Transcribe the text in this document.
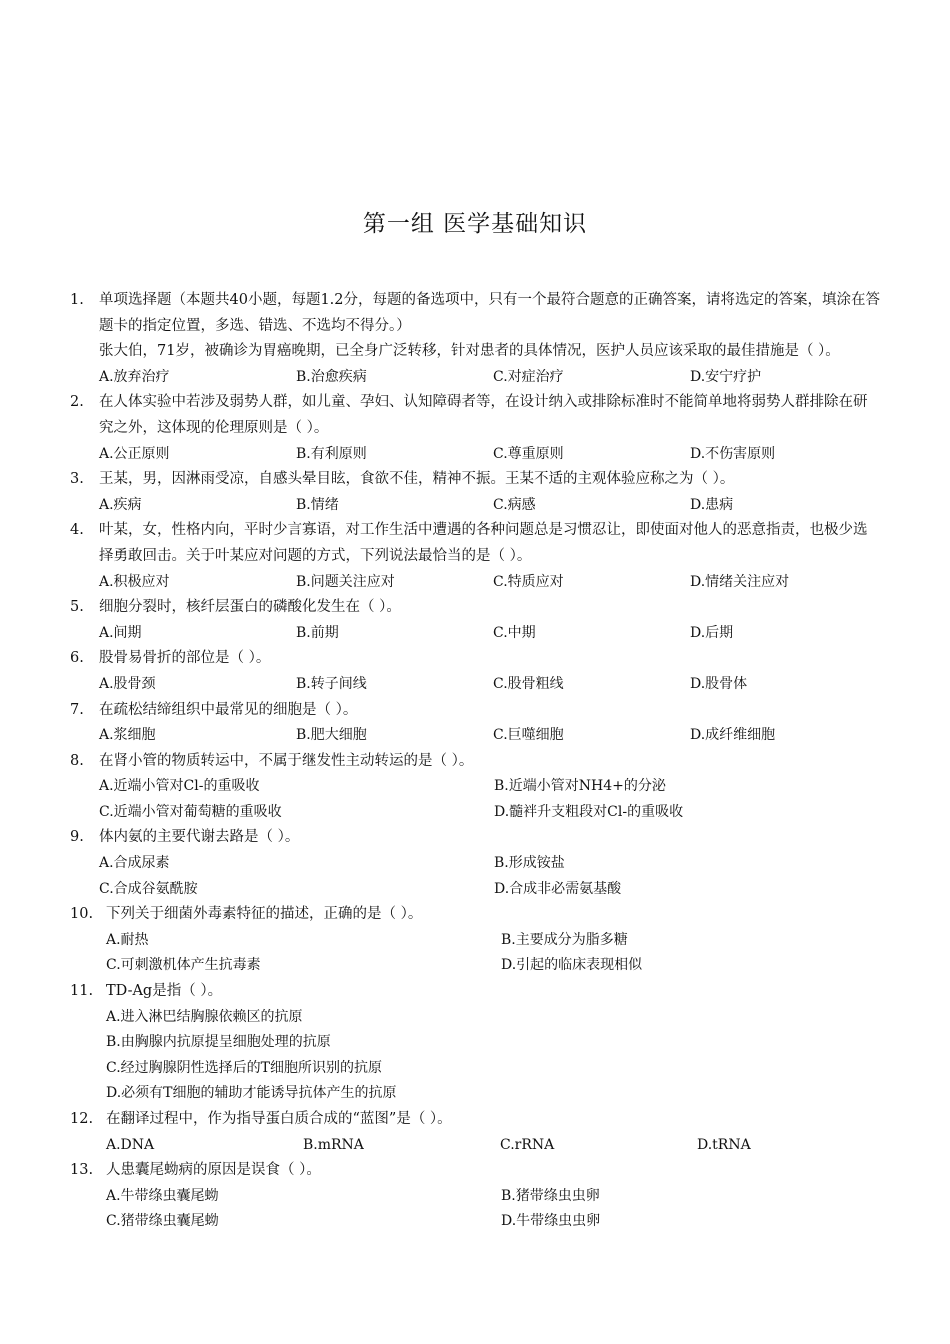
第一组 医学基础知识
1. 单项选择题（本题共40小题，每题1.2分，每题的备选项中，只有一个最符合题意的正确答案，请将选定的答案，填涂在答题卡的指定位置，多选、错选、不选均不得分。）
张大伯，71岁，被确诊为胃癌晚期，已全身广泛转移，针对患者的具体情况，医护人员应该采取的最佳措施是（ ）。
A.放弃治疗	B.治愈疾病	C.对症治疗	D.安宁疗护
2. 在人体实验中若涉及弱势人群，如儿童、孕妇、认知障碍者等，在设计纳入或排除标准时不能简单地将弱势人群排除在研究之外，这体现的伦理原则是（ ）。
A.公正原则	B.有利原则	C.尊重原则	D.不伤害原则
3. 王某，男，因淋雨受凉，自感头晕目眩，食欲不佳，精神不振。王某不适的主观体验应称之为（ ）。
A.疾病	B.情绪	C.病感	D.患病
4. 叶某，女，性格内向，平时少言寡语，对工作生活中遭遇的各种问题总是习惯忍让，即使面对他人的恶意指责，也极少选择勇敢回击。关于叶某应对问题的方式，下列说法最恰当的是（ ）。
A.积极应对	B.问题关注应对	C.特质应对	D.情绪关注应对
5. 细胞分裂时，核纤层蛋白的磷酸化发生在（ ）。
A.间期	B.前期	C.中期	D.后期
6. 股骨易骨折的部位是（ ）。
A.股骨颈	B.转子间线	C.股骨粗线	D.股骨体
7. 在疏松结缔组织中最常见的细胞是（ ）。
A.浆细胞	B.肥大细胞	C.巨噬细胞	D.成纤维细胞
8. 在肾小管的物质转运中，不属于继发性主动转运的是（ ）。
A.近端小管对Cl-的重吸收	B.近端小管对NH4+的分泌
C.近端小管对葡萄糖的重吸收	D.髓袢升支粗段对Cl-的重吸收
9. 体内氨的主要代谢去路是（ ）。
A.合成尿素	B.形成铵盐
C.合成谷氨酰胺	D.合成非必需氨基酸
10. 下列关于细菌外毒素特征的描述，正确的是（ ）。
A.耐热	B.主要成分为脂多糖
C.可刺激机体产生抗毒素	D.引起的临床表现相似
11. TD-Ag是指（ ）。
A.进入淋巴结胸腺依赖区的抗原
B.由胸腺内抗原提呈细胞处理的抗原
C.经过胸腺阴性选择后的T细胞所识别的抗原
D.必须有T细胞的辅助才能诱导抗体产生的抗原
12. 在翻译过程中，作为指导蛋白质合成的“蓝图”是（ ）。
A.DNA	B.mRNA	C.rRNA	D.tRNA
13. 人患囊尾蚴病的原因是误食（ ）。
A.牛带绦虫囊尾蚴	B.猪带绦虫虫卵
C.猪带绦虫囊尾蚴	D.牛带绦虫虫卵
